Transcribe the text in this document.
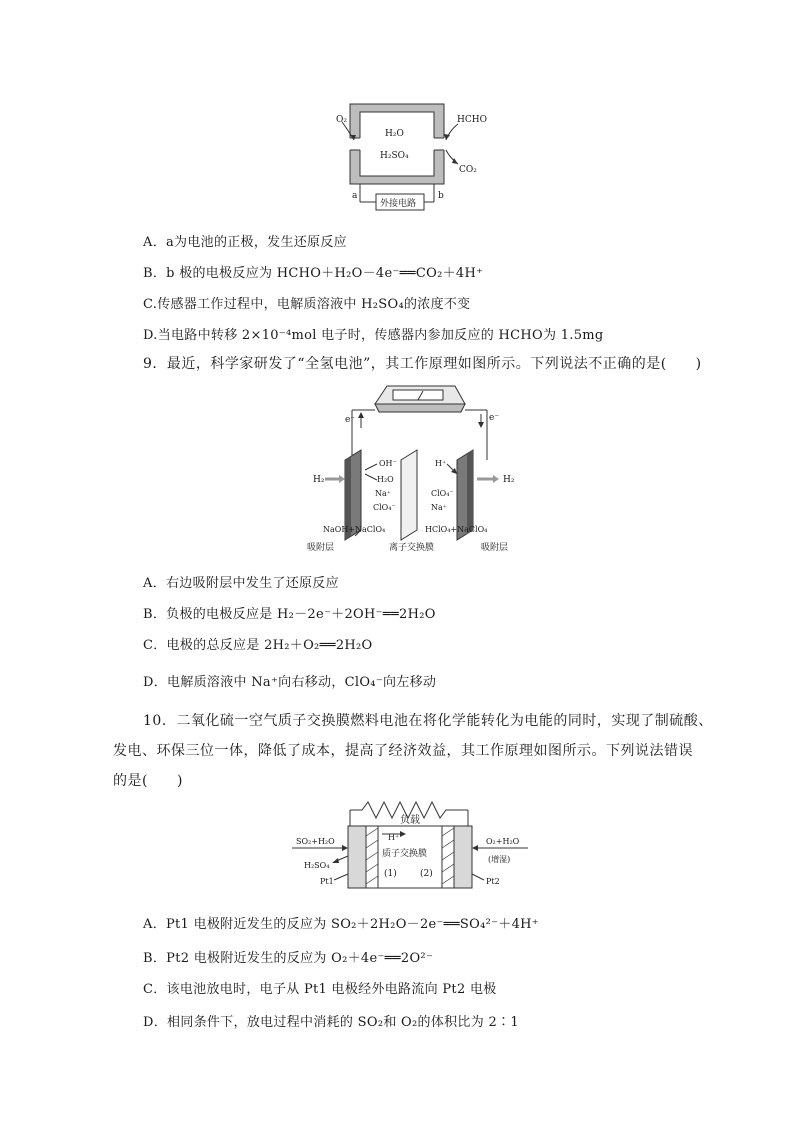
O₂
H₂O
H₂SO₄
HCHO
CO₂
外接电路
a	b
A．a为电池的正极，发生还原反应
B．b 极的电极反应为 HCHO＋H₂O－4e⁻══CO₂＋4H⁺
C.传感器工作过程中，电解质溶液中 H₂SO₄的浓度不变
D.当电路中转移 2×10⁻⁴mol 电子时，传感器内参加反应的 HCHO为 1.5mg
9．最近，科学家研发了“全氢电池”，其工作原理如图所示。下列说法不正确的是(　　)
e⁻	e⁻
H₂	H₂
OH⁻
H₂O
Na⁺
ClO₄⁻
H⁺
ClO₄⁻
Na⁺
NaOH+NaClO₄	HClO₄+NaClO₄
吸附层	离子交换膜	吸附层
A．右边吸附层中发生了还原反应
B．负极的电极反应是 H₂－2e⁻＋2OH⁻══2H₂O
C．电极的总反应是 2H₂＋O₂══2H₂O
D．电解质溶液中 Na⁺向右移动，ClO₄⁻向左移动
10．二氧化硫一空气质子交换膜燃料电池在将化学能转化为电能的同时，实现了制硫酸、
发电、环保三位一体，降低了成本，提高了经济效益，其工作原理如图所示。下列说法错误
的是(　　)
负载
H⁺
质子交换膜
(1)	(2)
SO₂+H₂O
H₂SO₄
Pt1
O₂+H₂O
(增湿)
Pt2
A．Pt1 电极附近发生的反应为 SO₂＋2H₂O－2e⁻══SO₄²⁻＋4H⁺
B．Pt2 电极附近发生的反应为 O₂＋4e⁻══2O²⁻
C．该电池放电时，电子从 Pt1 电极经外电路流向 Pt2 电极
D．相同条件下，放电过程中消耗的 SO₂和 O₂的体积比为 2∶1
